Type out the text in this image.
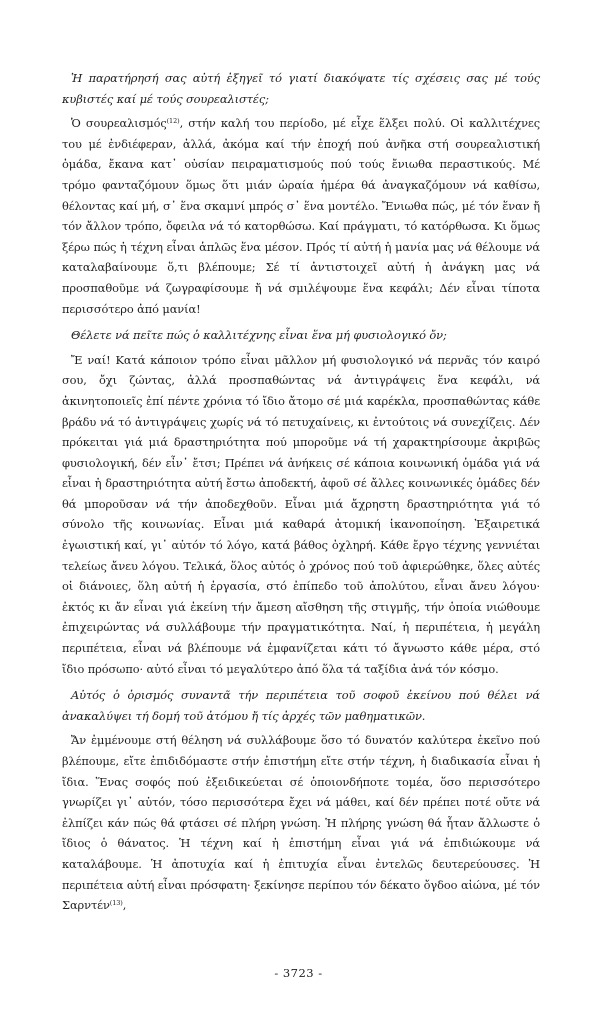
Ἡ παρατήρησή σας αὐτή ἐξηγεῖ τό γιατί διακόψατε τίς σχέσεις σας μέ τούς κυβιστές καί μέ τούς σουρεαλιστές;

Ὁ σουρεαλισμός$^{(12)}$, στήν καλή του περίοδο, μέ εἶχε ἕλξει πολύ. Οἱ καλλιτέχνες του μέ ἐνδιέφεραν, ἀλλά, ἀκόμα καί τήν ἐποχή πού ἀνῆκα στή σουρεαλιστική ὁμάδα, ἔκανα κατ᾽ οὐσίαν πειραματισμούς πού τούς ἔνιωθα περαστικούς. Μέ τρόμο φανταζόμουν ὅμως ὅτι μιάν ὡραία ἡμέρα θά ἀναγκαζόμουν νά καθίσω, θέλοντας καί μή, σ᾽ ἕνα σκαμνί μπρός σ᾽ ἕνα μοντέλο. Ἔνιωθα πώς, μέ τόν ἕναν ἤ τόν ἄλλον τρόπο, ὄφειλα νά τό κατορθώσω. Καί πράγματι, τό κατόρθωσα. Κι ὅμως ξέρω πώς ἡ τέχνη εἶναι ἁπλῶς ἕνα μέσον. Πρός τί αὐτή ἡ μανία μας νά θέλουμε νά καταλαβαίνουμε ὅ,τι βλέπουμε; Σέ τί ἀντιστοιχεῖ αὐτή ἡ ἀνάγκη μας νά προσπαθοῦμε νά ζωγραφίσουμε ἤ νά σμιλέψουμε ἕνα κεφάλι; Δέν εἶναι τίποτα περισσότερο ἀπό μανία!

Θέλετε νά πεῖτε πώς ὁ καλλιτέχνης εἶναι ἕνα μή φυσιολογικό ὄν;

Ἔ ναί! Κατά κάποιον τρόπο εἶναι μᾶλλον μή φυσιολογικό νά περνᾶς τόν καιρό σου, ὄχι ζώντας, ἀλλά προσπαθώντας νά ἀντιγράψεις ἕνα κεφάλι, νά ἀκινητοποιεῖς ἐπί πέντε χρόνια τό ἴδιο ἄτομο σέ μιά καρέκλα, προσπαθώντας κάθε βράδυ νά τό ἀντιγράψεις χωρίς νά τό πετυχαίνεις, κι ἐντούτοις νά συνεχίζεις. Δέν πρόκειται γιά μιά δραστηριότητα πού μποροῦμε νά τή χαρακτηρίσουμε ἀκριβῶς φυσιολογική, δέν εἶν᾽ ἔτσι; Πρέπει νά ἀνήκεις σέ κάποια κοινωνική ὁμάδα γιά νά εἶναι ἡ δραστηριότητα αὐτή ἔστω ἀποδεκτή, ἀφοῦ σέ ἄλλες κοινωνικές ὁμάδες δέν θά μποροῦσαν νά τήν ἀποδεχθοῦν. Εἶναι μιά ἄχρηστη δραστηριότητα γιά τό σύνολο τῆς κοινωνίας. Εἶναι μιά καθαρά ἀτομική ἱκανοποίηση. Ἐξαιρετικά ἐγωιστική καί, γι᾽ αὐτόν τό λόγο, κατά βάθος ὀχληρή. Κάθε ἔργο τέχνης γεννιέται τελείως ἄνευ λόγου. Τελικά, ὅλος αὐτός ὁ χρόνος πού τοῦ ἀφιερώθηκε, ὅλες αὐτές οἱ διάνοιες, ὅλη αὐτή ἡ ἐργασία, στό ἐπίπεδο τοῦ ἀπολύτου, εἶναι ἄνευ λόγου· ἐκτός κι ἄν εἶναι γιά ἐκείνη τήν ἄμεση αἴσθηση τῆς στιγμῆς, τήν ὁποία νιώθουμε ἐπιχειρώντας νά συλλάβουμε τήν πραγματικότητα. Ναί, ἡ περιπέτεια, ἡ μεγάλη περιπέτεια, εἶναι νά βλέπουμε νά ἐμφανίζεται κάτι τό ἄγνωστο κάθε μέρα, στό ἴδιο πρόσωπο· αὐτό εἶναι τό μεγαλύτερο ἀπό ὅλα τά ταξίδια ἀνά τόν κόσμο.

Αὐτός ὁ ὁρισμός συναντᾶ τήν περιπέτεια τοῦ σοφοῦ ἐκείνου πού θέλει νά ἀνακαλύψει τή δομή τοῦ ἀτόμου ἤ τίς ἀρχές τῶν μαθηματικῶν.

Ἄν ἐμμένουμε στή θέληση νά συλλάβουμε ὅσο τό δυνατόν καλύτερα ἐκεῖνο πού βλέπουμε, εἴτε ἐπιδιδόμαστε στήν ἐπιστήμη εἴτε στήν τέχνη, ἡ διαδικασία εἶναι ἡ ἴδια. Ἕνας σοφός πού ἐξειδικεύεται σέ ὁποιονδήποτε τομέα, ὅσο περισσότερο γνωρίζει γι᾽ αὐτόν, τόσο περισσότερα ἔχει νά μάθει, καί δέν πρέπει ποτέ οὔτε νά ἐλπίζει κάν πώς θά φτάσει σέ πλήρη γνώση. Ἡ πλήρης γνώση θά ἦταν ἄλλωστε ὁ ἴδιος ὁ θάνατος. Ἡ τέχνη καί ἡ ἐπιστήμη εἶναι γιά νά ἐπιδιώκουμε νά καταλάβουμε. Ἡ ἀποτυχία καί ἡ ἐπιτυχία εἶναι ἐντελῶς δευτερεύουσες. Ἡ περιπέτεια αὐτή εἶναι πρόσφατη· ξεκίνησε περίπου τόν δέκατο ὄγδοο αἰώνα, μέ τόν Σαρντέν$^{(13)}$,

- 3723 -
